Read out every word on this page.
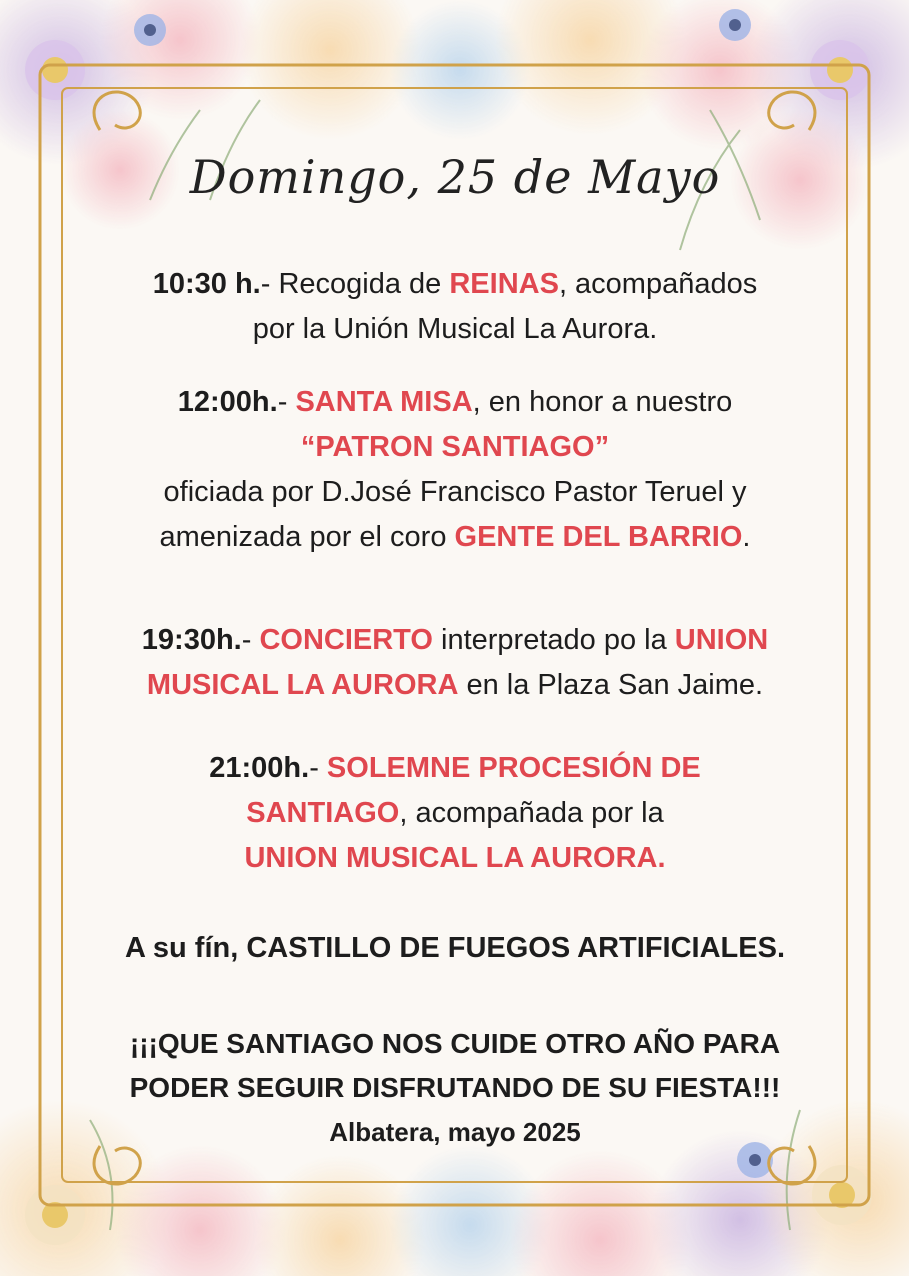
Domingo, 25 de Mayo
10:30 h.- Recogida de REINAS, acompañados
por la Unión Musical La Aurora.
12:00h.- SANTA MISA, en honor a nuestro
“PATRON SANTIAGO”
oficiada por D.José Francisco Pastor Teruel y
amenizada por el coro GENTE DEL BARRIO.
19:30h.- CONCIERTO interpretado po la UNION
MUSICAL LA AURORA en la Plaza San Jaime.
21:00h.- SOLEMNE PROCESIÓN DE
SANTIAGO, acompañada por la
UNION MUSICAL LA AURORA.
A su fín, CASTILLO DE FUEGOS ARTIFICIALES.
¡¡¡QUE SANTIAGO NOS CUIDE OTRO AÑO PARA
PODER SEGUIR DISFRUTANDO DE SU FIESTA!!!
Albatera, mayo 2025
